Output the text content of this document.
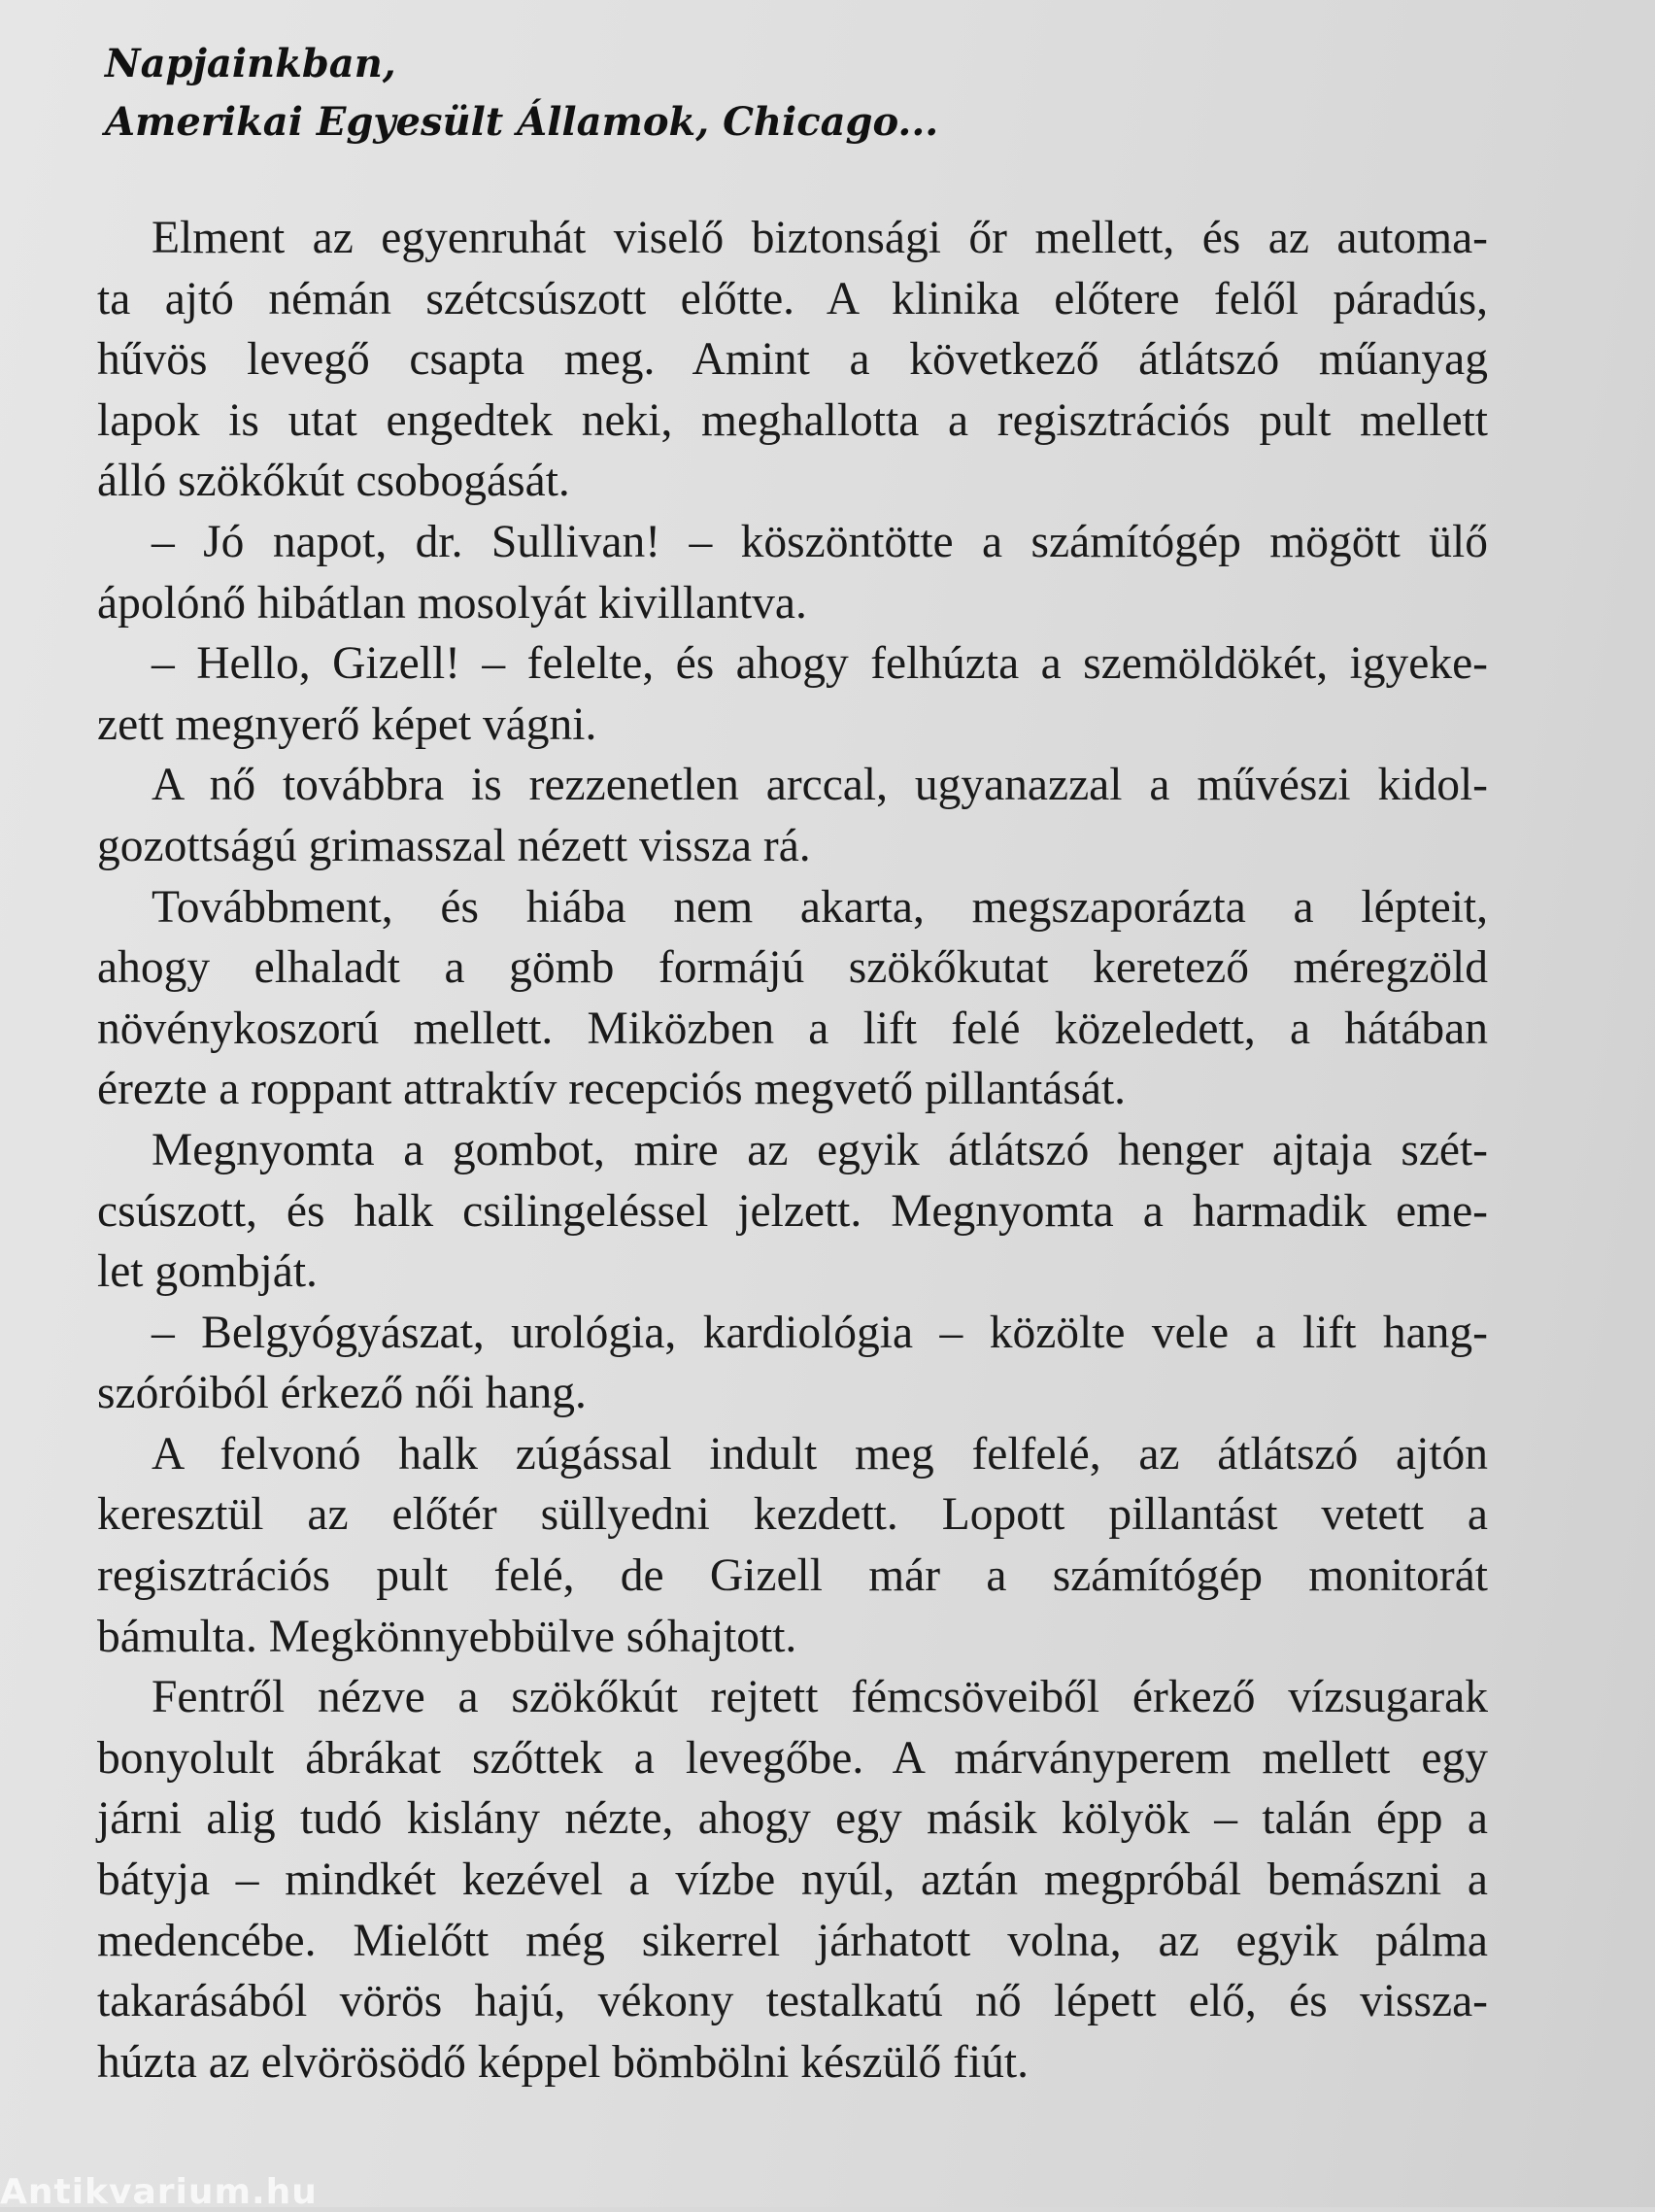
Napjainkban,
Amerikai Egyesült Államok, Chicago...

Elment az egyenruhát viselő biztonsági őr mellett, és az automa-
ta ajtó némán szétcsúszott előtte. A klinika előtere felől páradús,
hűvös levegő csapta meg. Amint a következő átlátszó műanyag
lapok is utat engedtek neki, meghallotta a regisztrációs pult mellett
álló szökőkút csobogását.

– Jó napot, dr. Sullivan! – köszöntötte a számítógép mögött ülő
ápolónő hibátlan mosolyát kivillantva.

– Hello, Gizell! – felelte, és ahogy felhúzta a szemöldökét, igyeke-
zett megnyerő képet vágni.

A nő továbbra is rezzenetlen arccal, ugyanazzal a művészi kidol-
gozottságú grimasszal nézett vissza rá.

Továbbment, és hiába nem akarta, megszaporázta a lépteit,
ahogy elhaladt a gömb formájú szökőkutat keretező méregzöld
növénykoszorú mellett. Miközben a lift felé közeledett, a hátában
érezte a roppant attraktív recepciós megvető pillantását.

Megnyomta a gombot, mire az egyik átlátszó henger ajtaja szét-
csúszott, és halk csilingeléssel jelzett. Megnyomta a harmadik eme-
let gombját.

– Belgyógyászat, urológia, kardiológia – közölte vele a lift hang-
szóróiból érkező női hang.

A felvonó halk zúgással indult meg felfelé, az átlátszó ajtón
keresztül az előtér süllyedni kezdett. Lopott pillantást vetett a
regisztrációs pult felé, de Gizell már a számítógép monitorát
bámulta. Megkönnyebbülve sóhajtott.

Fentről nézve a szökőkút rejtett fémcsöveiből érkező vízsugarak
bonyolult ábrákat szőttek a levegőbe. A márványperem mellett egy
járni alig tudó kislány nézte, ahogy egy másik kölyök – talán épp a
bátyja – mindkét kezével a vízbe nyúl, aztán megpróbál bemászni a
medencébe. Mielőtt még sikerrel járhatott volna, az egyik pálma
takarásából vörös hajú, vékony testalkatú nő lépett elő, és vissza-
húzta az elvörösödő képpel bömbölni készülő fiút.

Antikvarium.hu
